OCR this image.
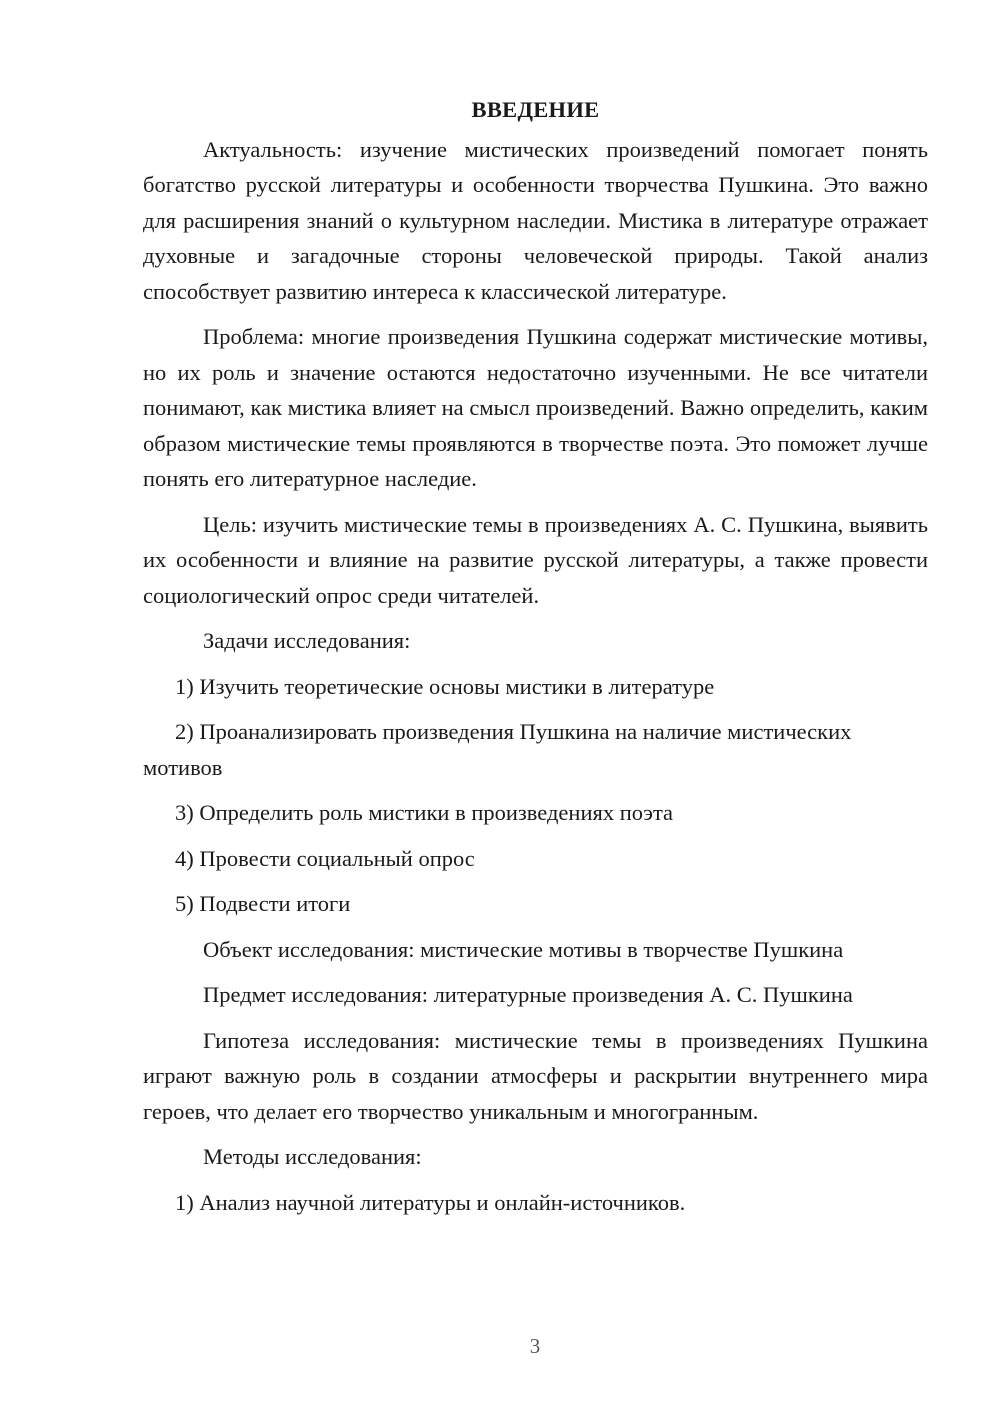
ВВЕДЕНИЕ

Актуальность: изучение мистических произведений помогает понять богатство русской литературы и особенности творчества Пушкина. Это важно для расширения знаний о культурном наследии. Мистика в литературе отражает духовные и загадочные стороны человеческой природы. Такой анализ способствует развитию интереса к классической литературе.

Проблема: многие произведения Пушкина содержат мистические мотивы, но их роль и значение остаются недостаточно изученными. Не все читатели понимают, как мистика влияет на смысл произведений. Важно определить, каким образом мистические темы проявляются в творчестве поэта. Это поможет лучше понять его литературное наследие.

Цель: изучить мистические темы в произведениях А. С. Пушкина, выявить их особенности и влияние на развитие русской литературы, а также провести социологический опрос среди читателей.

Задачи исследования:

1) Изучить теоретические основы мистики в литературе

2) Проанализировать произведения Пушкина на наличие мистических мотивов

3) Определить роль мистики в произведениях поэта

4) Провести социальный опрос

5) Подвести итоги

Объект исследования: мистические мотивы в творчестве Пушкина

Предмет исследования: литературные произведения А. С. Пушкина

Гипотеза исследования: мистические темы в произведениях Пушкина играют важную роль в создании атмосферы и раскрытии внутреннего мира героев, что делает его творчество уникальным и многогранным.

Методы исследования:

1) Анализ научной литературы и онлайн-источников.

3
